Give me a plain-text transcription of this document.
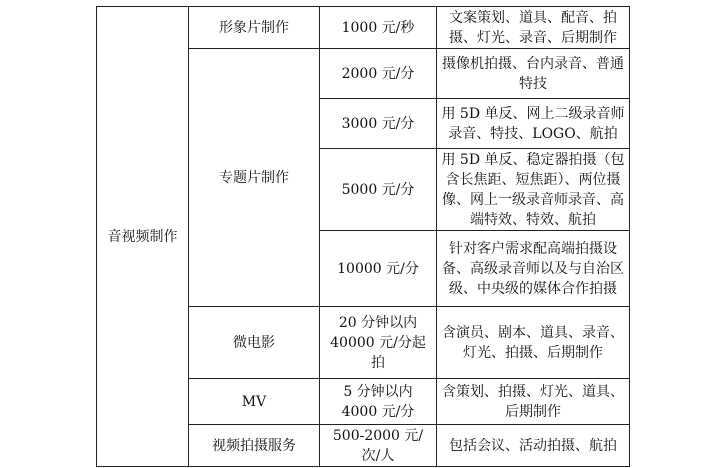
音视频制作	形象片制作	1000 元/秒	文案策划、道具、配音、拍摄、灯光、录音、后期制作
	专题片制作	2000 元/分	摄像机拍摄、台内录音、普通特技
		3000 元/分	用 5D 单反、网上二级录音师录音、特技、LOGO、航拍
		5000 元/分	用 5D 单反、稳定器拍摄（包含长焦距、短焦距）、两位摄像、网上一级录音师录音、高端特效、特效、航拍
		10000 元/分	针对客户需求配高端拍摄设备、高级录音师以及与自治区级、中央级的媒体合作拍摄
	微电影	20 分钟以内 40000 元/分起拍	含演员、剧本、道具、录音、灯光、拍摄、后期制作
	MV	5 分钟以内 4000 元/分	含策划、拍摄、灯光、道具、后期制作
	视频拍摄服务	500-2000 元/次/人	包括会议、活动拍摄、航拍
